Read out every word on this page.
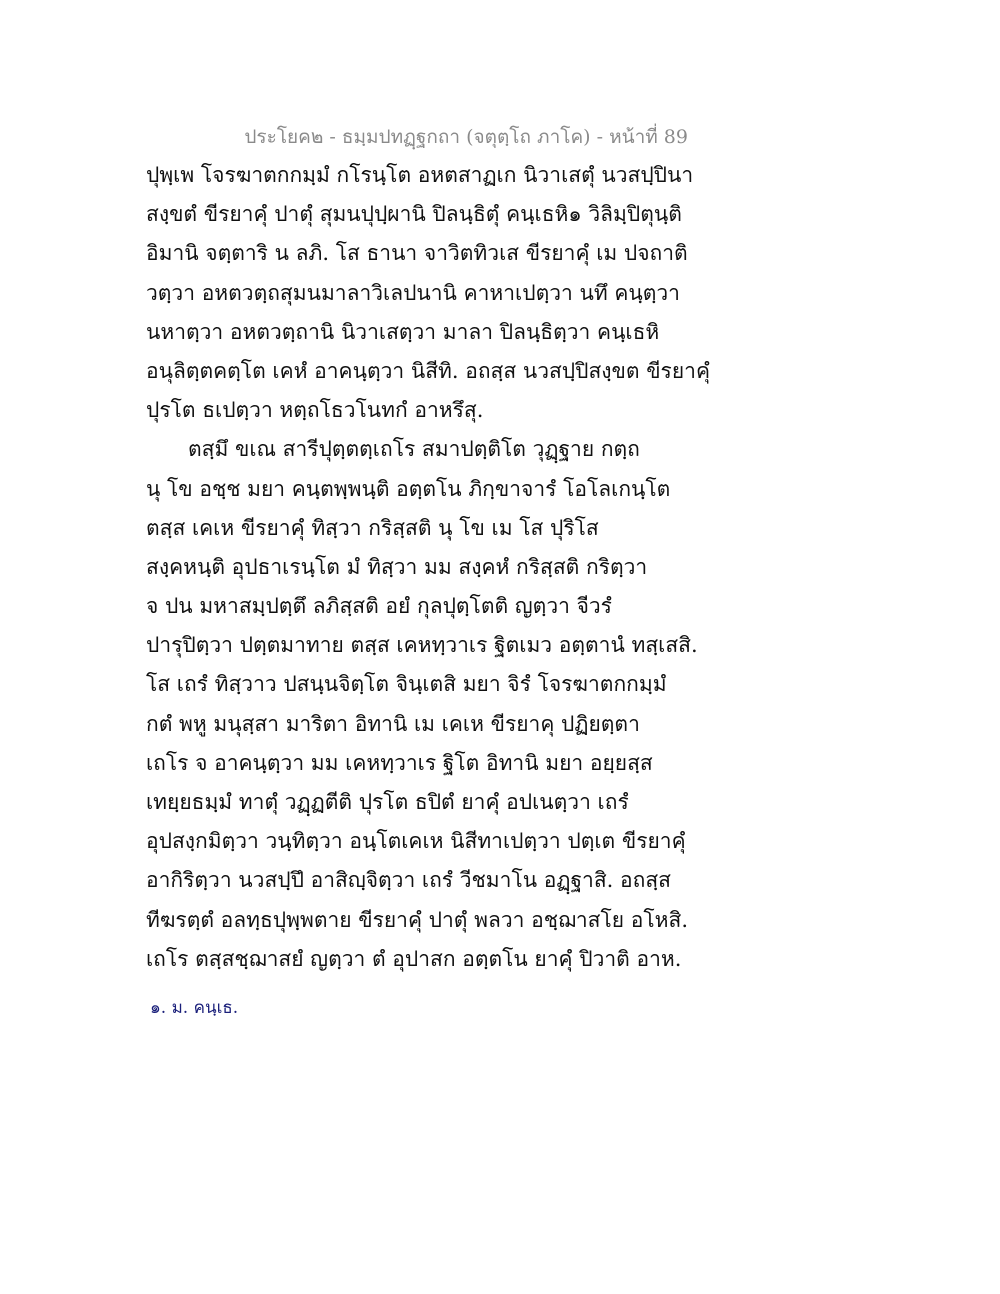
ประโยค๒ - ธมฺมปทฏฺฐกถา (จตุตฺโถ ภาโค) - หน้าที่ 89
ปุพฺเพ โจรฆาตกกมฺมํ กโรนฺโต อหตสาฏเก นิวาเสตุํ นวสปฺปินา
สงฺขตํ ขีรยาคุํ ปาตุํ สุมนปุปฺผานิ ปิลนฺธิตุํ คนฺเธหิ๑ วิลิมฺปิตุนฺติ
อิมานิ จตฺตาริ น ลภิ. โส ธานา จาวิตทิวเส ขีรยาคุํ เม ปจถาติ
วตฺวา อหตวตฺถสุมนมาลาวิเลปนานิ คาหาเปตฺวา นทึ คนฺตฺวา
นหาตฺวา อหตวตฺถานิ นิวาเสตฺวา มาลา ปิลนฺธิตฺวา คนฺเธหิ
อนุลิตฺตคตฺโต เคหํ อาคนฺตฺวา นิสีทิ. อถสฺส นวสปฺปิสงฺขต ขีรยาคุํ
ปุรโต ธเปตฺวา หตฺถโธวโนทกํ อาหรึสุ.
ตสฺมึ ขเณ สารีปุตฺตตฺเถโร สมาปตฺติโต วุฏฺฐาย กตฺถ
นุ โข อชฺช มยา คนฺตพฺพนฺติ อตฺตโน ภิกฺขาจารํ โอโลเกนฺโต
ตสฺส เคเห ขีรยาคุํ ทิสฺวา กริสฺสติ นุ โข เม โส ปุริโส
สงฺคหนฺติ อุปธาเรนฺโต มํ ทิสฺวา มม สงฺคหํ กริสฺสติ กริตฺวา
จ ปน มหาสมฺปตฺตึ ลภิสฺสติ อยํ กุลปุตฺโตติ ญตฺวา จีวรํ
ปารุปิตฺวา ปตฺตมาทาย ตสฺส เคหทฺวาเร ฐิตเมว อตฺตานํ ทสฺเสสิ.
โส เถรํ ทิสฺวาว ปสนฺนจิตฺโต จินฺเตสิ มยา จิรํ โจรฆาตกกมฺมํ
กตํ พหู มนุสฺสา มาริตา อิทานิ เม เคเห ขีรยาคุ ปฏิยตฺตา
เถโร จ อาคนฺตฺวา มม เคหทฺวาเร ฐิโต อิทานิ มยา อยฺยสฺส
เทยฺยธมฺมํ ทาตุํ วฏฺฏตีติ ปุรโต ธปิตํ ยาคุํ อปเนตฺวา เถรํ
อุปสงฺกมิตฺวา วนฺทิตฺวา อนฺโตเคเห นิสีทาเปตฺวา ปตฺเต ขีรยาคุํ
อากิริตฺวา นวสปฺปึ อาสิญฺจิตฺวา เถรํ วีชมาโน อฏฺฐาสิ. อถสฺส
ทีฆรตฺตํ อลทฺธปุพฺพตาย ขีรยาคุํ ปาตุํ พลวา อชฺฌาสโย อโหสิ.
เถโร ตสฺสชฺฌาสยํ ญตฺวา ตํ อุปาสก อตฺตโน ยาคุํ ปิวาติ อาห.
๑. ม. คนฺเธ.
